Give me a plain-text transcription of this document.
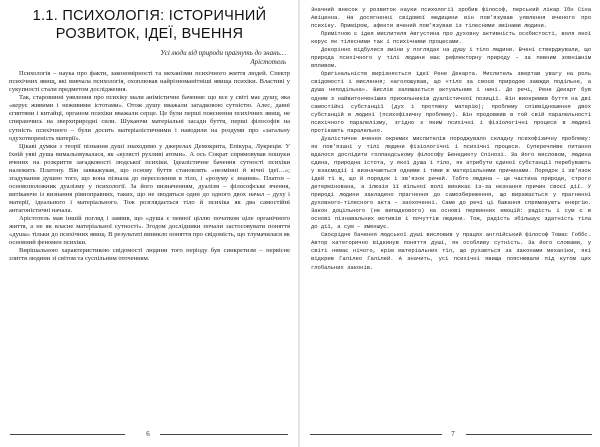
1.1. ПСИХОЛОГІЯ: ІСТОРИЧНИЙ
РОЗВИТОК, ІДЕЇ, ВЧЕННЯ
Усі люди від природи прагнуть до знань…
Арістотель

Психологія – наука про факти, закономірності та механізми психічного життя людей. Спектр психічних явищ, які вивчала психологія, охоплював найрізноманітніші явища психіки. Властиві у сукупності стали предметом дослідження.

Так, старовинні уявлення про психіку мали анімістичне бачення: що все у світі має душу, яка «керує живими і неживими істотами». Отож душу вважали загадковою сутністю. Алес, давні єгиптяни і китайці, органом психіки вважали серце. Це були перші пояснення психічних явищ, не спираючись на зверхприродні сили. Шукаючи матеріальні засади буття, перші філософів на сутність психічного – були досить матеріалістичними і наводили на роздуми про «загальну одухотвореність матерії».

Цікаві думки з теорії пізнання душі знаходимо у джерелах Демокрита, Епікура, Лукреція. У їхній уяві душа вимальовувалася, як «кулясті рухливі атоми». А ось Сократ спрямовував пошуки вчених на розкриття загадковості людської психіки. Ідеалістичне бачення сутності психіки належить Платону. Він завважував, що основу буття становлять «незмінні й вічні ідеї…»; згадування душею того, що вона пізнала до переселення в тіло, і «розуму є знання». Платон – основоположник дуалізму у психології. За його визначенням, дуалізм – філософське вчення, витікаюче із визнання рівноправних, таких, що не зводяться один до одного двох начал – духу і матерії, ідеального і матеріального. Тож розглядається тіло й психіка як два самостійні антагоністичні начала.

Арістотель мав іншій погляд і заявив, що «душа є певної ціллю початком ціле органічного життя, а не як власне матеріальної сутності». Згодом дослідники почали застосовувати поняття «душа» тільки до психічних явищ. В результаті виникло поняття про свідомість, що тлумачилася як основний феномен психіки.

Вирішальною характеристикою свідомості людини того періоду був синкретизм – первісне злиття людини зі світом та суспільним оточенням.

6

Значний внесок у розвиток науки психології зробив філософ, перський лікар Ібн Сіна Авіценна. На досягненні свідомої медицини він пов'язував уявлення вченого про психіку. Приміром, афекти вчений пов'язував із тілесними змінами людини.

Примітною є ідея мислителя Августина про духовну активність особистості, воля якої керує як тілесними так і психічними процесами.

Докорінно відбулися зміни у поглядах на душу і тіло людини. Вчені стверджували, що природа психічного у тілі людини має рефлекторну природу – за певним зовнішнім впливом.

Оригінальністю вирізняється ідеї Рене Декарта. Мислитель звертав увагу на роль свідомості і мислення; наголошував, що «тіло за своєю природою завжди подільне, а душа неподільна». Вислів залишається актуальним і нині. До речі, Рене Декарт був одним з найвитонченіших прихильників дуалістичної позиції. Він виокремив буття на дві самостійні субстанції (дух і протяжну матерію); проблему співвідношення двох субстанцій в людині (психофізичну проблему). Він продовжив в той свій паралельності психічного паралелізму, згідно з яким психічні і фізіологічні процеси в людині протікають паралельно.

Дуалістичне вчення окремих мислителів породжувало складну психофізичну проблему: як пов'язані у тілі людини фізіологічні і психічні процеси. Суперечливе питання вдалося дослідити голландському філософу Бенедикту Спінозі. За його висловом, людина єдина, природна істота, у якої душа і тіло, як атрибути єдиної субстанції перебувають у взаємодії і визначаються одними і тими ж матеріальними причинами. Порядок і зв'язок ідей ті ж, що й порядок і зв'язок речей. Тобто людина – це частина природи, строго детермінована, а ілюзія її вільної волі виникає із-за незнання причин своєї дії. У природі людини закладено прагнення до самозбереження, що виражається у прагненні духовного-тілесного акта – заохоченні. Саме до речі ці бажання спрямовують енергію. Закон доцільного (не випадкового) на основі первинних емоцій: радість і сум є в основі пізнавальних мотивів і почуттів людини. Тож, радість збільшує здатність тіла до дії, а сум – зменшує.

Своєрідне бачення людської душі висловив у працях англійський філософ Томас Гоббс. Автор категорично відкинув поняття душі, як особливу сутність. За його словами, у світі немає нічого, крім матеріальних тіл, що рухаються за законами механіки, які відкрив Галілео Галілей. А значить, усі психічні явища пояснювали під кутом цих глобальних законів.

7
